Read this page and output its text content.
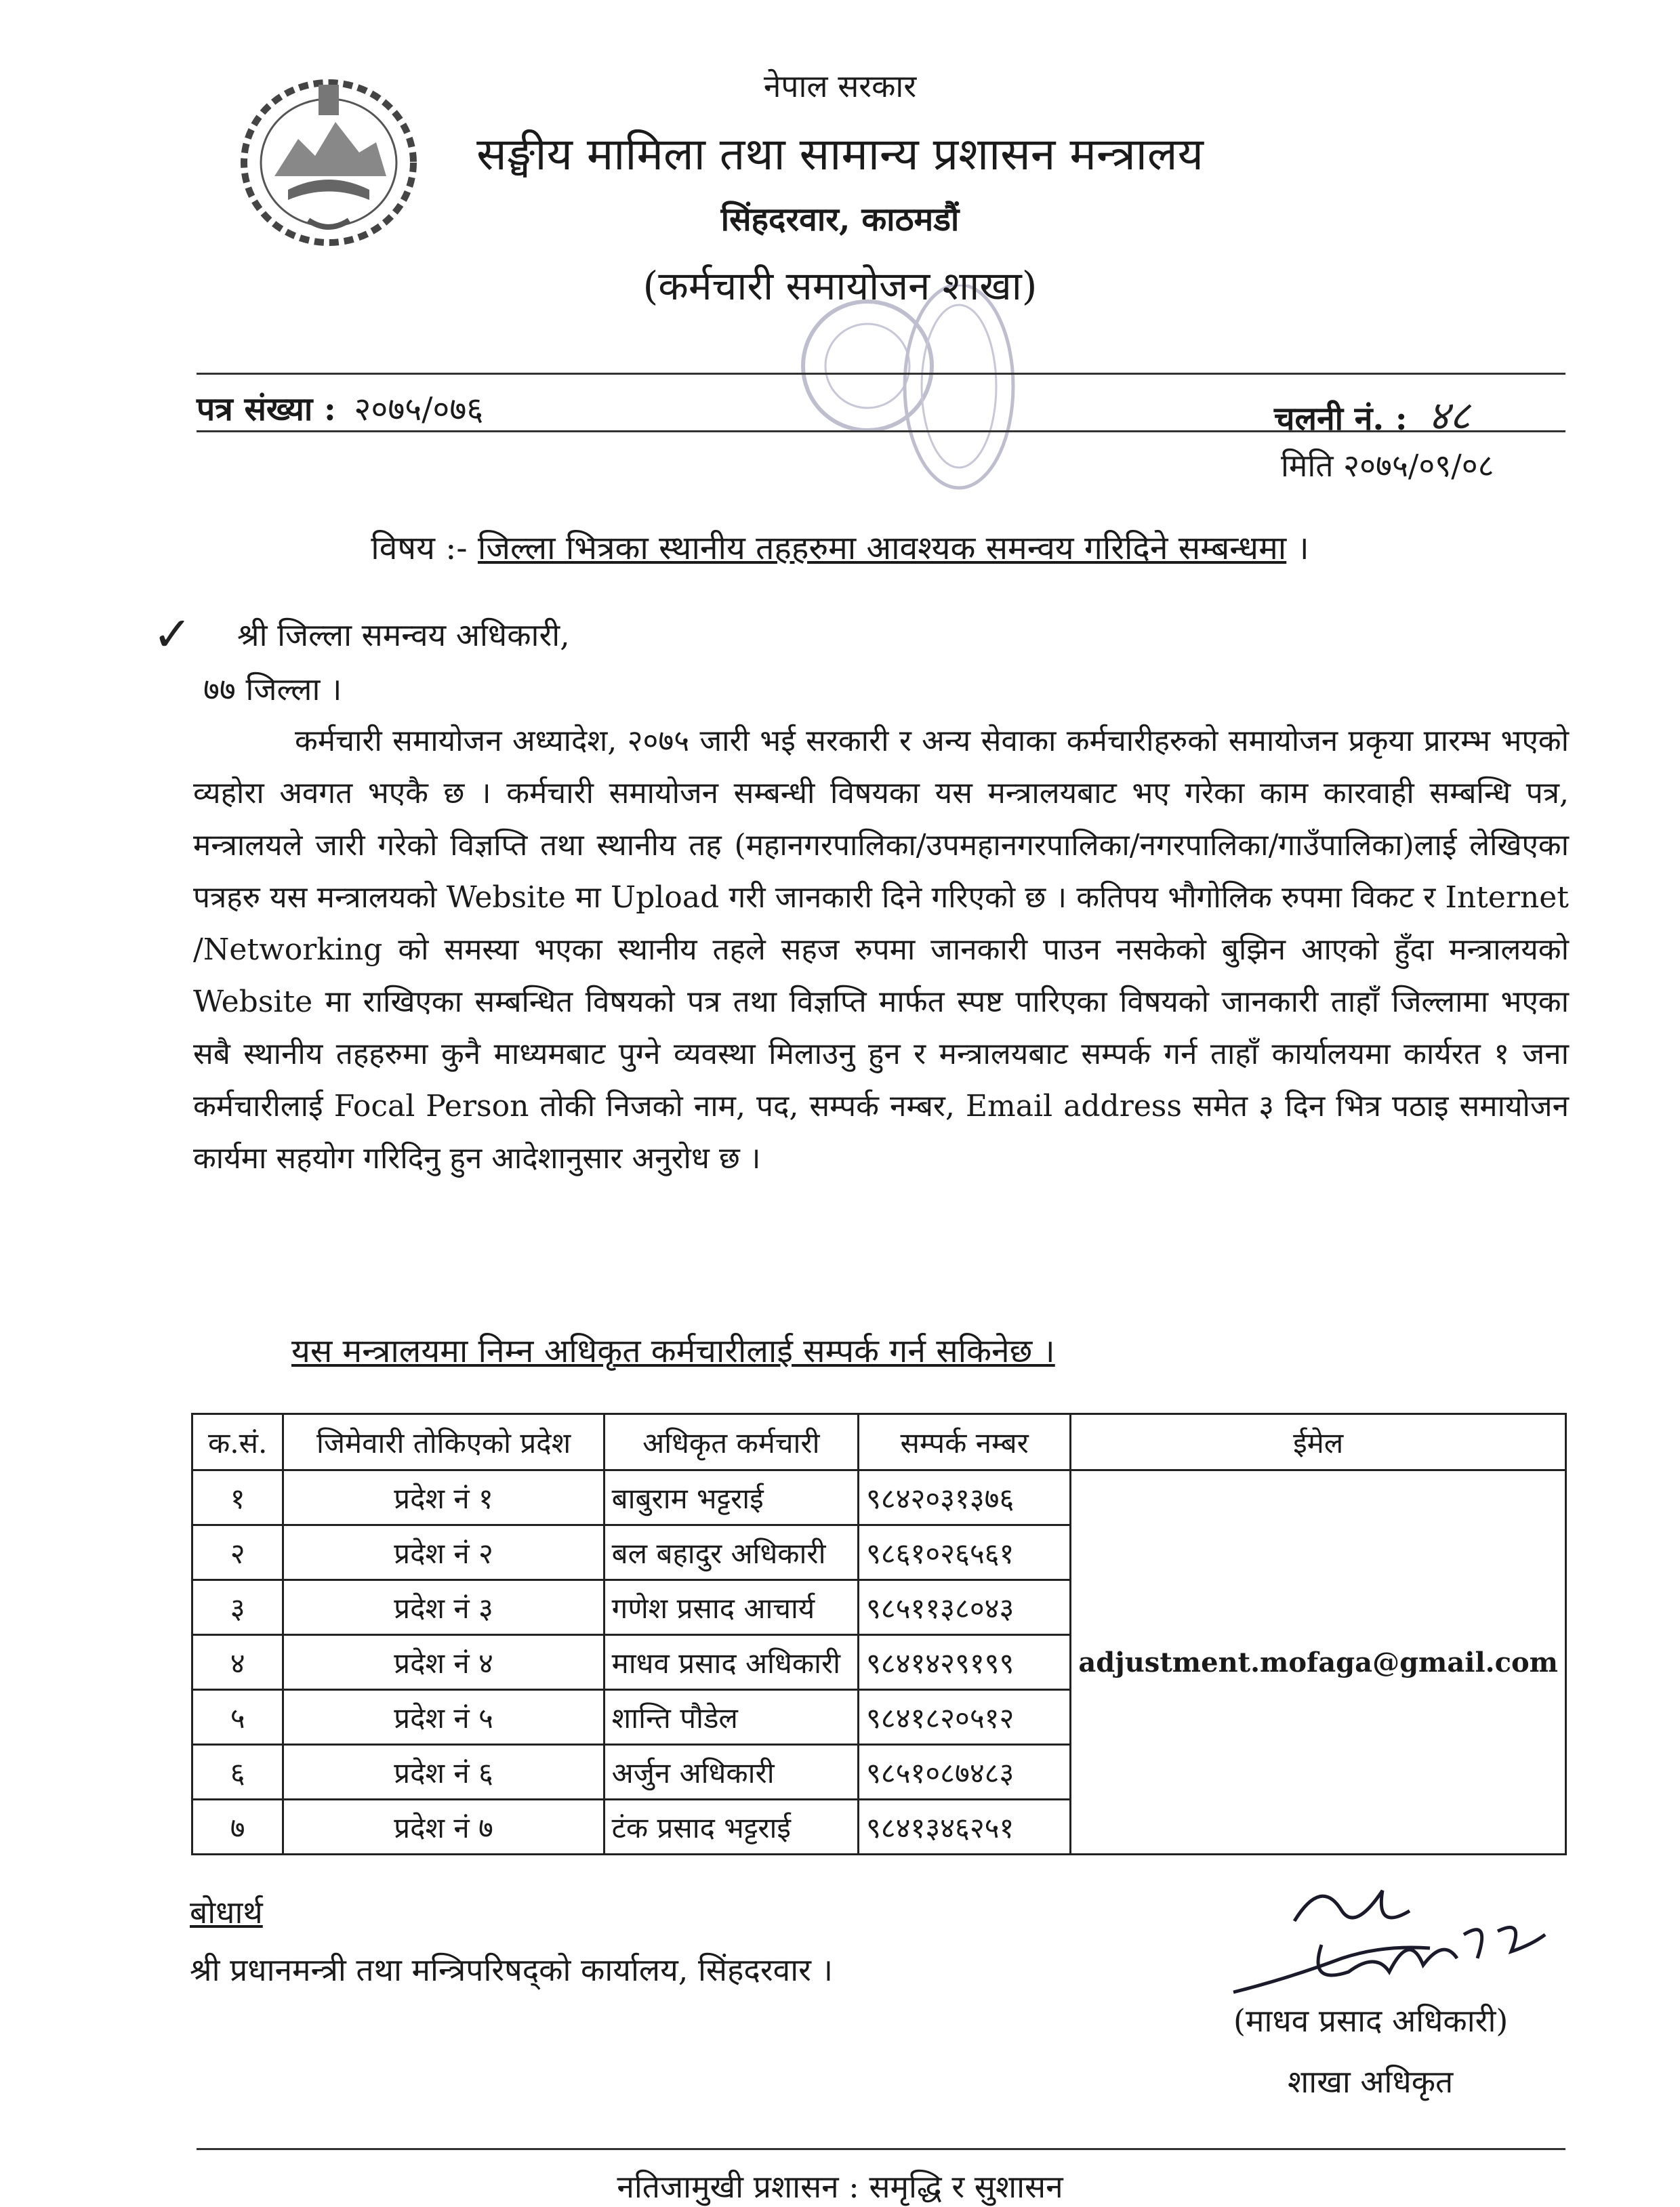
नेपाल सरकार
सङ्घीय मामिला तथा सामान्य प्रशासन मन्त्रालय
सिंहदरवार, काठमडौं
(कर्मचारी समायोजन शाखा)
पत्र संख्या : २०७५/०७६	चलनी नं. : ४८
मिति २०७५/०९/०८
विषय :- जिल्ला भित्रका स्थानीय तहहरुमा आवश्यक समन्वय गरिदिने सम्बन्धमा ।
✓ श्री जिल्ला समन्वय अधिकारी,
७७ जिल्ला ।
कर्मचारी समायोजन अध्यादेश, २०७५ जारी भई सरकारी र अन्य सेवाका कर्मचारीहरुको समायोजन प्रकृया प्रारम्भ भएको व्यहोरा अवगत भएकै छ । कर्मचारी समायोजन सम्बन्धी विषयका यस मन्त्रालयबाट भए गरेका काम कारवाही सम्बन्धि पत्र, मन्त्रालयले जारी गरेको विज्ञप्ति तथा स्थानीय तह (महानगरपालिका/उपमहानगरपालिका/नगरपालिका/गाउँपालिका)लाई लेखिएका पत्रहरु यस मन्त्रालयको Website मा Upload गरी जानकारी दिने गरिएको छ । कतिपय भौगोलिक रुपमा विकट र Internet /Networking को समस्या भएका स्थानीय तहले सहज रुपमा जानकारी पाउन नसकेको बुझिन आएको हुँदा मन्त्रालयको Website मा राखिएका सम्बन्धित विषयको पत्र तथा विज्ञप्ति मार्फत स्पष्ट पारिएका विषयको जानकारी ताहाँ जिल्लामा भएका सबै स्थानीय तहहरुमा कुनै माध्यमबाट पुग्ने व्यवस्था मिलाउनु हुन र मन्त्रालयबाट सम्पर्क गर्न ताहाँ कार्यालयमा कार्यरत १ जना कर्मचारीलाई Focal Person तोकी निजको नाम, पद, सम्पर्क नम्बर, Email address समेत ३ दिन भित्र पठाइ समायोजन कार्यमा सहयोग गरिदिनु हुन आदेशानुसार अनुरोध छ ।
यस मन्त्रालयमा निम्न अधिकृत कर्मचारीलाई सम्पर्क गर्न सकिनेछ ।
क.सं.	जिमेवारी तोकिएको प्रदेश	अधिकृत कर्मचारी	सम्पर्क नम्बर	ईमेल
१	प्रदेश नं १	बाबुराम भट्टराई	९८४२०३१३७६	adjustment.mofaga@gmail.com
२	प्रदेश नं २	बल बहादुर अधिकारी	९८६१०२६५६१	
३	प्रदेश नं ३	गणेश प्रसाद आचार्य	९८५११३८०४३	
४	प्रदेश नं ४	माधव प्रसाद अधिकारी	९८४१४२९१९९	
५	प्रदेश नं ५	शान्ति पौडेल	९८४१८२०५१२	
६	प्रदेश नं ६	अर्जुन अधिकारी	९८५१०८७४८३	
७	प्रदेश नं ७	टंक प्रसाद भट्टराई	९८४१३४६२५१	
बोधार्थ
श्री प्रधानमन्त्री तथा मन्त्रिपरिषद्को कार्यालय, सिंहदरवार ।
(माधव प्रसाद अधिकारी)
शाखा अधिकृत
नतिजामुखी प्रशासन : समृद्धि र सुशासन
